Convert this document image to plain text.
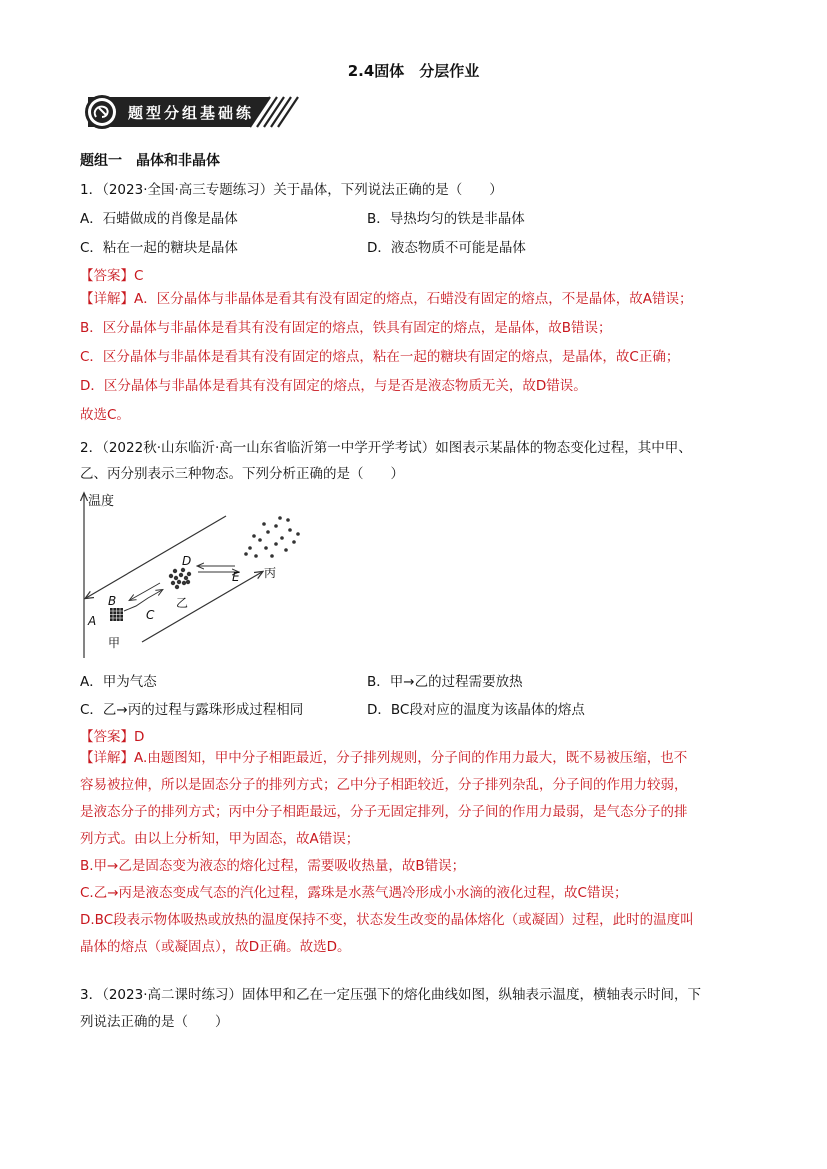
2.4固体　分层作业
题型分组基础练
题组一　晶体和非晶体
1．（2023·全国·高三专题练习）关于晶体，下列说法正确的是（　　）
A．石蜡做成的肖像是晶体	B．导热均匀的铁是非晶体
C．粘在一起的糖块是晶体	D．液态物质不可能是晶体
【答案】C
【详解】A．区分晶体与非晶体是看其有没有固定的熔点，石蜡没有固定的熔点，不是晶体，故A错误；
B．区分晶体与非晶体是看其有没有固定的熔点，铁具有固定的熔点，是晶体，故B错误；
C．区分晶体与非晶体是看其有没有固定的熔点，粘在一起的糖块有固定的熔点，是晶体，故C正确；
D．区分晶体与非晶体是看其有没有固定的熔点，与是否是液态物质无关，故D错误。
故选C。
2．（2022秋·山东临沂·高一山东省临沂第一中学开学考试）如图表示某晶体的物态变化过程，其中甲、
乙、丙分别表示三种物态。下列分析正确的是（　　）
温度
A
B
C
D
E
甲
乙
丙
A．甲为气态	B．甲→乙的过程需要放热
C．乙→丙的过程与露珠形成过程相同	D．BC段对应的温度为该晶体的熔点
【答案】D
【详解】A.由题图知，甲中分子相距最近，分子排列规则，分子间的作用力最大，既不易被压缩，也不
容易被拉伸，所以是固态分子的排列方式；乙中分子相距较近，分子排列杂乱，分子间的作用力较弱，
是液态分子的排列方式；丙中分子相距最远，分子无固定排列，分子间的作用力最弱，是气态分子的排
列方式。由以上分析知，甲为固态，故A错误；
B.甲→乙是固态变为液态的熔化过程，需要吸收热量，故B错误；
C.乙→丙是液态变成气态的汽化过程，露珠是水蒸气遇冷形成小水滴的液化过程，故C错误；
D.BC段表示物体吸热或放热的温度保持不变，状态发生改变的晶体熔化（或凝固）过程，此时的温度叫
晶体的熔点（或凝固点），故D正确。故选D。
3．（2023·高二课时练习）固体甲和乙在一定压强下的熔化曲线如图，纵轴表示温度，横轴表示时间，下
列说法正确的是（　　）
